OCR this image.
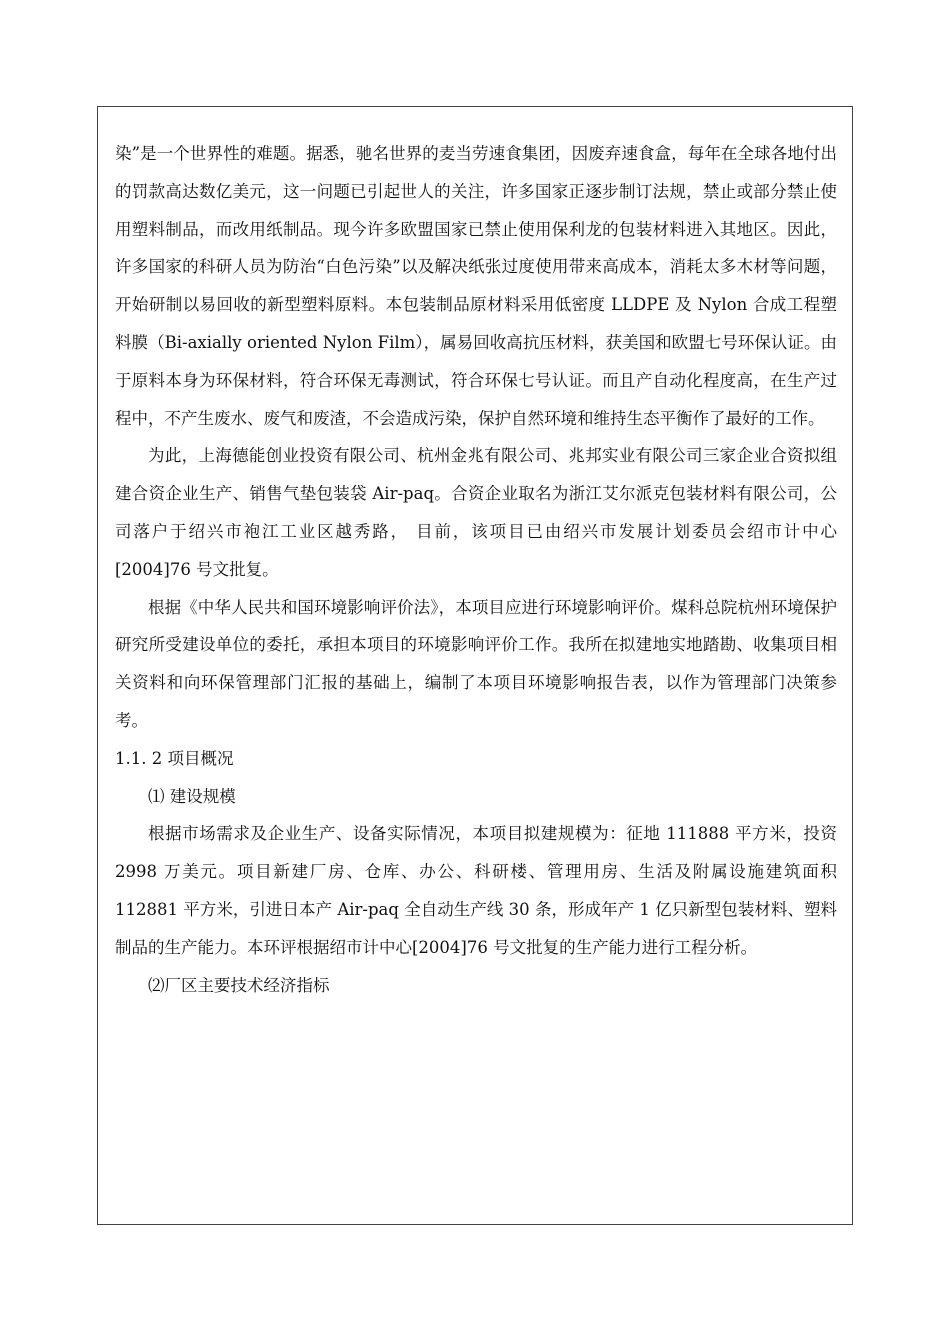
染”是一个世界性的难题。据悉，驰名世界的麦当劳速食集团，因废弃速食盒，每年在全球各地付出的罚款高达数亿美元，这一问题已引起世人的关注，许多国家正逐步制订法规，禁止或部分禁止使用塑料制品，而改用纸制品。现今许多欧盟国家已禁止使用保利龙的包装材料进入其地区。因此，许多国家的科研人员为防治“白色污染”以及解决纸张过度使用带来高成本，消耗太多木材等问题，开始研制以易回收的新型塑料原料。本包装制品原材料采用低密度 LLDPE 及 Nylon 合成工程塑料膜（Bi-axially oriented Nylon Film），属易回收高抗压材料，获美国和欧盟七号环保认证。由于原料本身为环保材料，符合环保无毒测试，符合环保七号认证。而且产自动化程度高，在生产过程中，不产生废水、废气和废渣，不会造成污染，保护自然环境和维持生态平衡作了最好的工作。

为此，上海德能创业投资有限公司、杭州金兆有限公司、兆邦实业有限公司三家企业合资拟组建合资企业生产、销售气垫包装袋 Air-paq。合资企业取名为浙江艾尔派克包装材料有限公司，公司落户于绍兴市袍江工业区越秀路， 目前，该项目已由绍兴市发展计划委员会绍市计中心 [2004]76 号文批复。

根据《中华人民共和国环境影响评价法》，本项目应进行环境影响评价。煤科总院杭州环境保护研究所受建设单位的委托，承担本项目的环境影响评价工作。我所在拟建地实地踏勘、收集项目相关资料和向环保管理部门汇报的基础上，编制了本项目环境影响报告表，以作为管理部门决策参考。

1.1. 2 项目概况

⑴ 建设规模

根据市场需求及企业生产、设备实际情况，本项目拟建规模为：征地 111888 平方米，投资 2998 万美元。项目新建厂房、仓库、办公、科研楼、管理用房、生活及附属设施建筑面积 112881 平方米，引进日本产 Air-paq 全自动生产线 30 条，形成年产 1 亿只新型包装材料、塑料制品的生产能力。本环评根据绍市计中心[2004]76 号文批复的生产能力进行工程分析。

⑵厂区主要技术经济指标
